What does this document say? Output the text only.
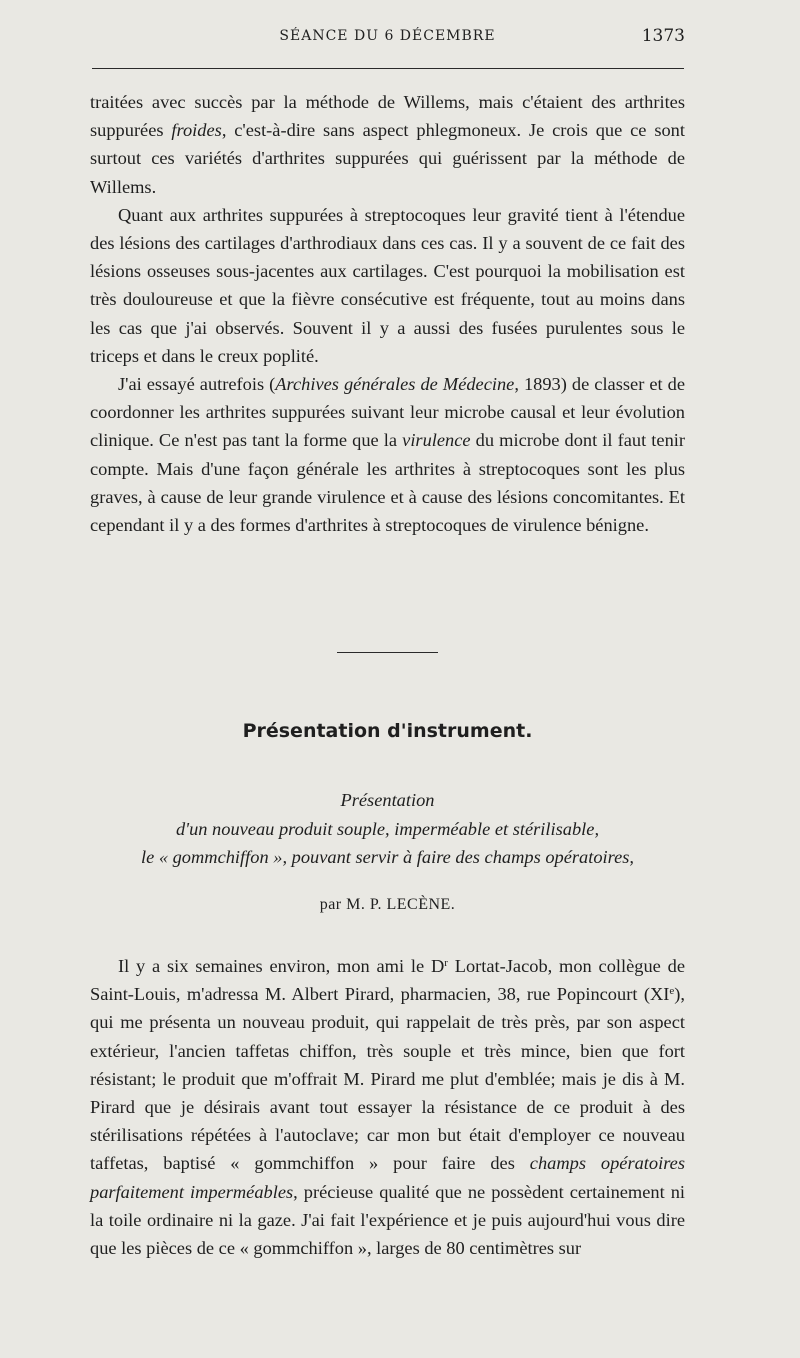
SÉANCE DU 6 DÉCEMBRE	1373

traitées avec succès par la méthode de Willems, mais c'étaient des arthrites suppurées froides, c'est-à-dire sans aspect phlegmoneux. Je crois que ce sont surtout ces variétés d'arthrites suppurées qui guérissent par la méthode de Willems.

Quant aux arthrites suppurées à streptocoques leur gravité tient à l'étendue des lésions des cartilages d'arthrodiaux dans ces cas. Il y a souvent de ce fait des lésions osseuses sous-jacentes aux cartilages. C'est pourquoi la mobilisation est très douloureuse et que la fièvre consécutive est fréquente, tout au moins dans les cas que j'ai observés. Souvent il y a aussi des fusées purulentes sous le triceps et dans le creux poplité.

J'ai essayé autrefois (Archives générales de Médecine, 1893) de classer et de coordonner les arthrites suppurées suivant leur microbe causal et leur évolution clinique. Ce n'est pas tant la forme que la virulence du microbe dont il faut tenir compte. Mais d'une façon générale les arthrites à streptocoques sont les plus graves, à cause de leur grande virulence et à cause des lésions concomitantes. Et cependant il y a des formes d'arthrites à streptocoques de virulence bénigne.

Présentation d'instrument.
Présentation
d'un nouveau produit souple, imperméable et stérilisable,
le « gommchiffon », pouvant servir à faire des champs opératoires,
par M. P. LECÈNE.

Il y a six semaines environ, mon ami le $D^r$ Lortat-Jacob, mon collègue de Saint-Louis, m'adressa M. Albert Pirard, pharmacien, 38, rue Popincourt (XIe), qui me présenta un nouveau produit, qui rappelait de très près, par son aspect extérieur, l'ancien taffetas chiffon, très souple et très mince, bien que fort résistant; le produit que m'offrait M. Pirard me plut d'emblée; mais je dis à M. Pirard que je désirais avant tout essayer la résistance de ce produit à des stérilisations répétées à l'autoclave; car mon but était d'employer ce nouveau taffetas, baptisé « gommchiffon » pour faire des champs opératoires parfaitement imperméables, précieuse qualité que ne possèdent certainement ni la toile ordinaire ni la gaze. J'ai fait l'expérience et je puis aujourd'hui vous dire que les pièces de ce « gommchiffon », larges de 80 centimètres sur
